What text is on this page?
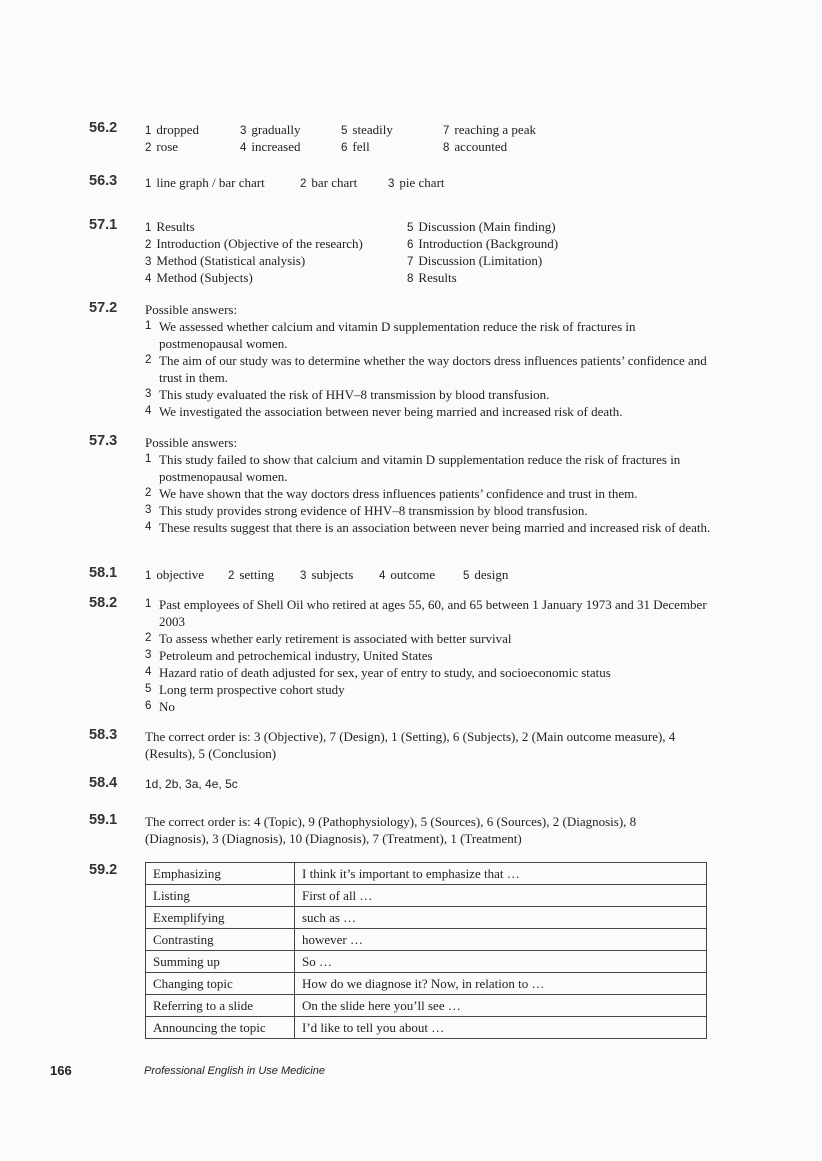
56.2	1 dropped	3 gradually	5 steadily	7 reaching a peak
2 rose	4 increased	6 fell	8 accounted
56.3	1 line graph / bar chart	2 bar chart	3 pie chart
57.1	1 Results	5 Discussion (Main finding)
2 Introduction (Objective of the research)	6 Introduction (Background)
3 Method (Statistical analysis)	7 Discussion (Limitation)
4 Method (Subjects)	8 Results
57.2	Possible answers:
1 We assessed whether calcium and vitamin D supplementation reduce the risk of fractures in postmenopausal women.
2 The aim of our study was to determine whether the way doctors dress influences patients’ confidence and trust in them.
3 This study evaluated the risk of HHV–8 transmission by blood transfusion.
4 We investigated the association between never being married and increased risk of death.
57.3	Possible answers:
1 This study failed to show that calcium and vitamin D supplementation reduce the risk of fractures in postmenopausal women.
2 We have shown that the way doctors dress influences patients’ confidence and trust in them.
3 This study provides strong evidence of HHV–8 transmission by blood transfusion.
4 These results suggest that there is an association between never being married and increased risk of death.
58.1	1 objective 2 setting 3 subjects 4 outcome 5 design
58.2	1 Past employees of Shell Oil who retired at ages 55, 60, and 65 between 1 January 1973 and 31 December 2003
2 To assess whether early retirement is associated with better survival
3 Petroleum and petrochemical industry, United States
4 Hazard ratio of death adjusted for sex, year of entry to study, and socioeconomic status
5 Long term prospective cohort study
6 No
58.3	The correct order is: 3 (Objective), 7 (Design), 1 (Setting), 6 (Subjects), 2 (Main outcome measure), 4 (Results), 5 (Conclusion)
58.4	1d, 2b, 3a, 4e, 5c
59.1	The correct order is: 4 (Topic), 9 (Pathophysiology), 5 (Sources), 6 (Sources), 2 (Diagnosis), 8 (Diagnosis), 3 (Diagnosis), 10 (Diagnosis), 7 (Treatment), 1 (Treatment)
59.2	Emphasizing	I think it’s important to emphasize that …
Listing	First of all …
Exemplifying	such as …
Contrasting	however …
Summing up	So …
Changing topic	How do we diagnose it? Now, in relation to …
Referring to a slide	On the slide here you’ll see …
Announcing the topic	I’d like to tell you about …
166	Professional English in Use Medicine
